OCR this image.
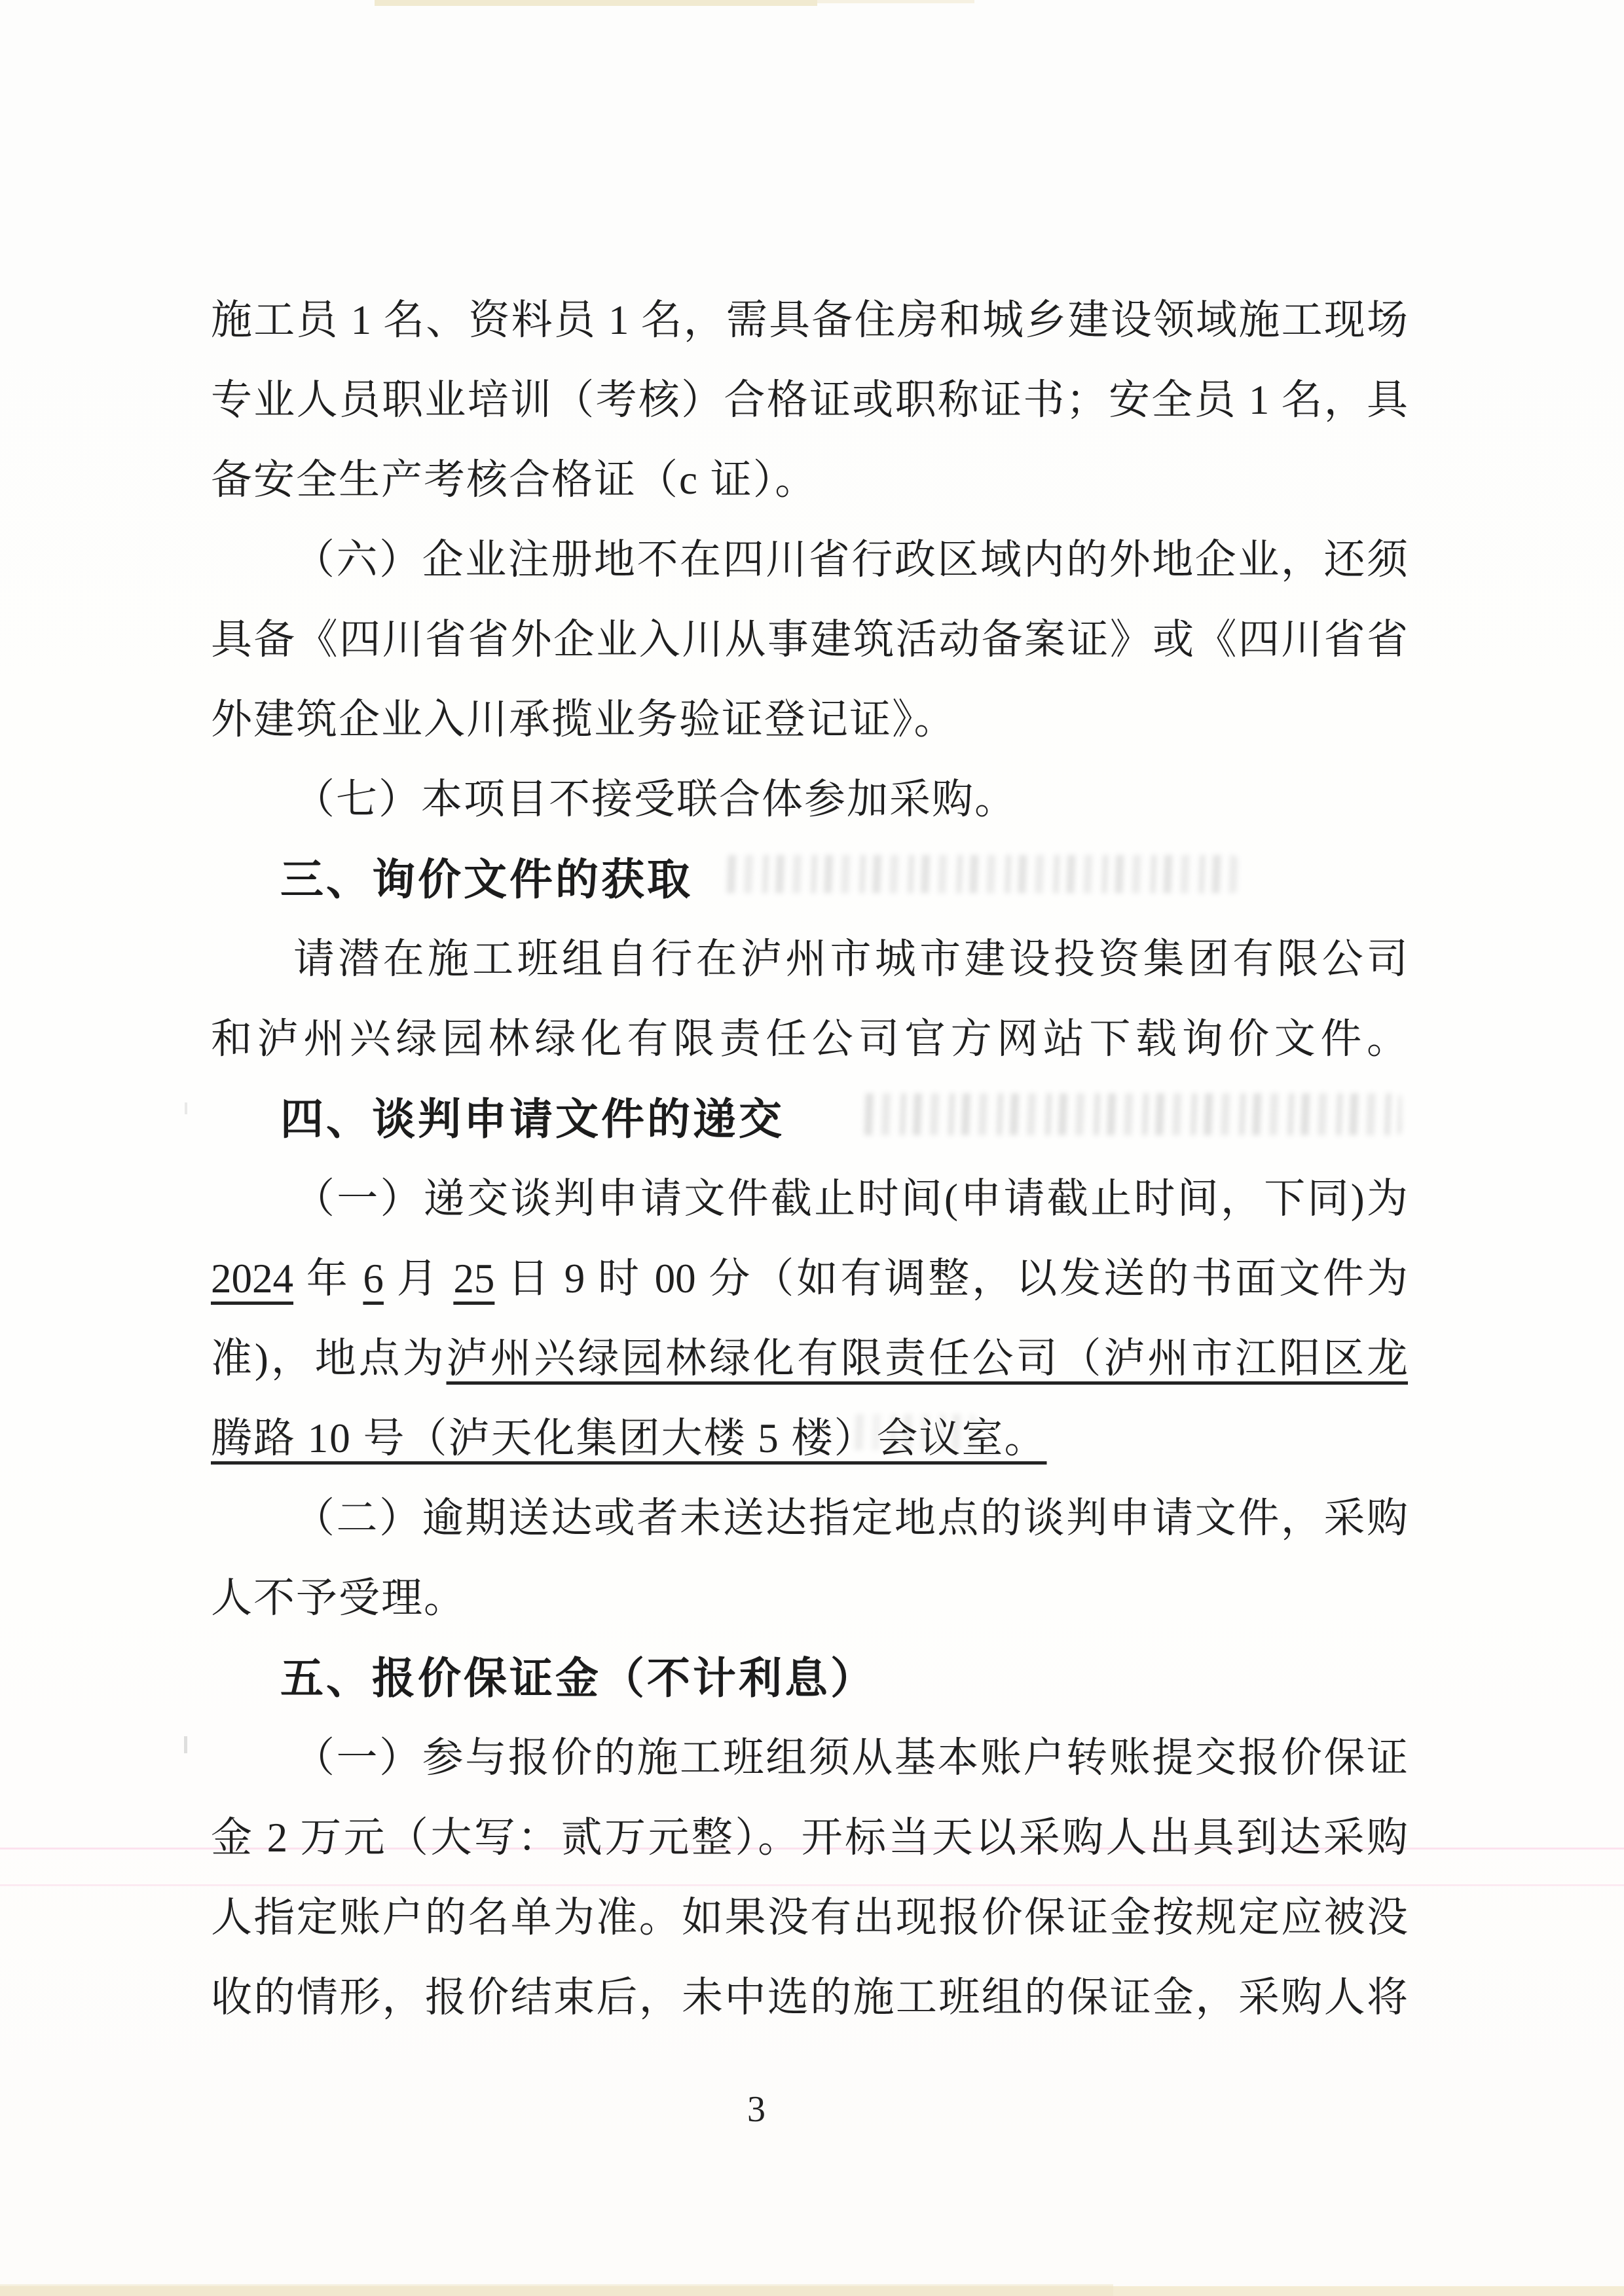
施工员 1 名、资料员 1 名，需具备住房和城乡建设领域施工现场
专业人员职业培训（考核）合格证或职称证书；安全员 1 名，具
备安全生产考核合格证（c 证）。
（六）企业注册地不在四川省行政区域内的外地企业，还须
具备《四川省省外企业入川从事建筑活动备案证》或《四川省省
外建筑企业入川承揽业务验证登记证》。
（七）本项目不接受联合体参加采购。
三、询价文件的获取
请潜在施工班组自行在泸州市城市建设投资集团有限公司
和泸州兴绿园林绿化有限责任公司官方网站下载询价文件。
四、谈判申请文件的递交
（一）递交谈判申请文件截止时间(申请截止时间，下同)为
2024 年 6 月 25 日 9 时 00 分（如有调整，以发送的书面文件为
准)，地点为泸州兴绿园林绿化有限责任公司（泸州市江阳区龙
腾路 10 号（泸天化集团大楼 5 楼）会议室。
（二）逾期送达或者未送达指定地点的谈判申请文件，采购
人不予受理。
五、报价保证金（不计利息）
（一）参与报价的施工班组须从基本账户转账提交报价保证
金 2 万元（大写：贰万元整）。开标当天以采购人出具到达采购
人指定账户的名单为准。如果没有出现报价保证金按规定应被没
收的情形，报价结束后，未中选的施工班组的保证金，采购人将
3
